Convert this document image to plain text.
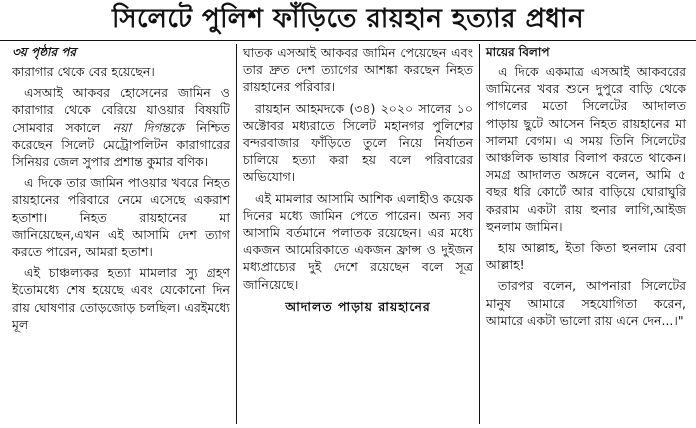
সিলেটে পুলিশ ফাঁড়িতে রায়হান হত্যার প্রধান
৩য় পৃষ্ঠার পর
কারাগার থেকে বের হয়েছেন।
এসআই আকবর হোসেনের জামিন ও কারাগার থেকে বেরিয়ে যাওয়ার বিষয়টি সোমবার সকালে নয়া দিগন্তকে নিশ্চিত করেছেন সিলেট মেট্রোপলিটন কারাগারের সিনিয়র জেল সুপার প্রশান্ত কুমার বণিক।
এ দিকে তার জামিন পাওয়ার খবরে নিহত রায়হানের পরিবারে নেমে এসেছে একরাশ হতাশা। নিহত রায়হানের মা জানিয়েছেন,এখন এই আসামি দেশ ত্যাগ করতে পারেন, আমরা হতাশ।
এই চাঞ্চল্যকর হত্যা মামলার স্যু গ্রহণ ইতোমধ্যে শেষ হয়েছে এবং যেকোনো দিন রায় ঘোষণার তোড়জোড় চলছিল। এরইমধ্যে মূল
ঘাতক এসআই আকবর জামিন পেয়েছেন এবং তার দ্রুত দেশ ত্যাগের আশঙ্কা করছেন নিহত রায়হানের পরিবার।
রায়হান আহমদকে (৩৪) ২০২০ সালের ১০ অক্টোবর মধ্যরাতে সিলেট মহানগর পুলিশের বন্দরবাজার ফাঁড়িতে তুলে নিয়ে নির্যাতন চালিয়ে হত্যা করা হয় বলে পরিবারের অভিযোগ।
এই মামলার আসামি আশিক এলাহীও কয়েক দিনের মধ্যে জামিন পেতে পারেন। অন্য সব আসামি বর্তমানে পলাতক রয়েছেন। এর মধ্যে একজন আমেরিকাতে একজন ফ্রান্স ও দুইজন মধ্যপ্রাচ্যের দুই দেশে রয়েছেন বলে সূত্র জানিয়েছে।
আদালত পাড়ায় রায়হানের
মায়ের বিলাপ
এ দিকে একমাত্র এসআই আকবরের জামিনের খবর শুনে দুপুরে বাড়ি থেকে পাগলের মতো সিলেটের আদালত পাড়ায় ছুটে আসেন নিহত রায়হানের মা সালমা বেগম। এ সময় তিনি সিলেটের আঞ্চলিক ভাষার বিলাপ করতে থাকেন। সমগ্র আদালত অঙ্গনে বলেন, আমি ৫ বছর ধরি কোর্টে আর বাড়িয়ে ঘোরাঘুরি কররাম একটা রায় হুনার লাগি,আইজ হুনলাম জামিন।
হায় আল্লাহ, ইতা কিতা হুনলাম রেবা আল্লাহ!
তারপর বলেন, আপনারা সিলেটের মানুষ আমারে সহযোগিতা করেন, আমারে একটা ভালো রায় এনে দেন...।"
